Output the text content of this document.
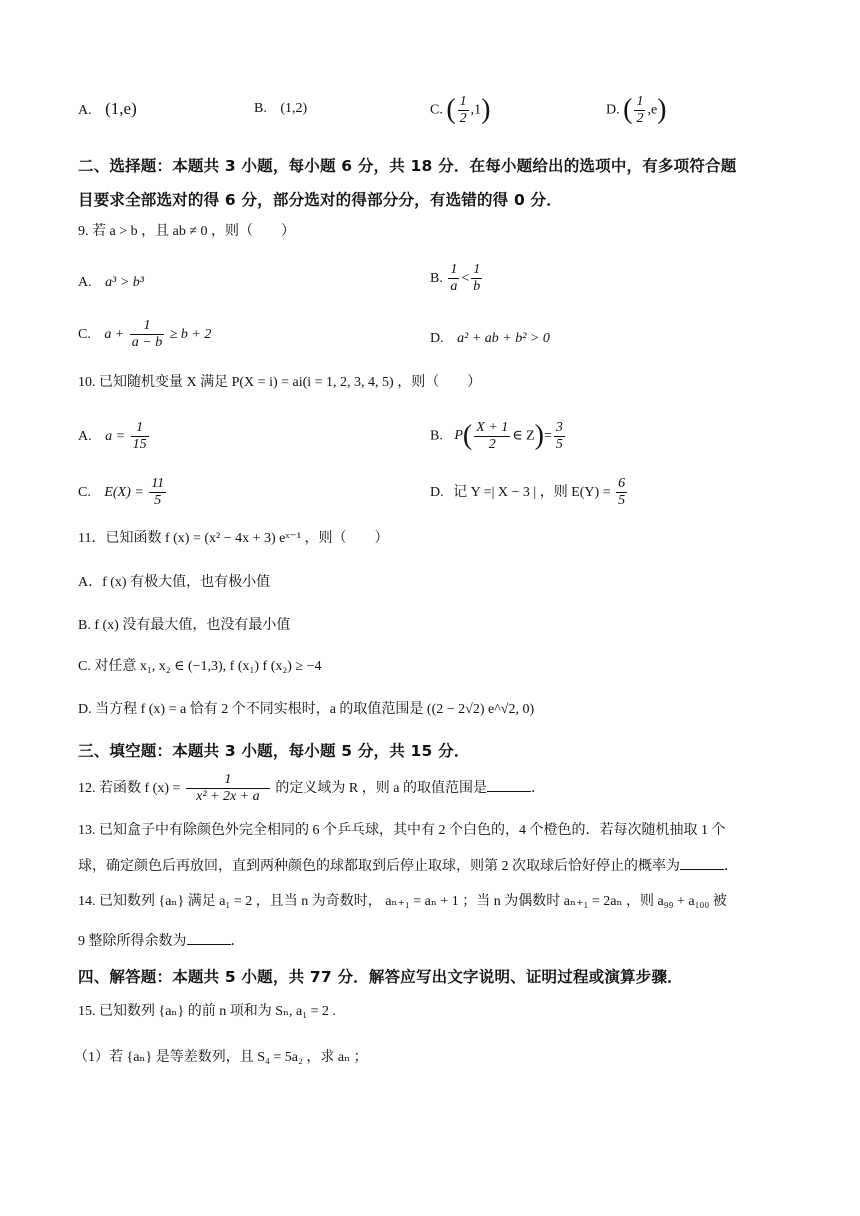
A. (1,e)	B. (1,2)	C. ( $\frac{1}{2} ,1$)	D. ( $\frac{1}{2} ,e$)
二、选择题：本题共 3 小题，每小题 6 分，共 18 分．在每小题给出的选项中，有多项符合题
目要求全部选对的得 6 分，部分选对的得部分分，有选错的得 0 分．
9. 若 a > b ，且 ab ≠ 0 ，则（　　）
A. a³ > b³	B. $\frac{1}{a} < \frac{1}{b}$
C. $a + \frac{1}{a - b} \ge b + 2$	D. a² + ab + b² > 0
10. 已知随机变量 X 满足 P(X = i) = ai(i = 1, 2, 3, 4, 5) ，则（　　）
A. $a = \frac{1}{15}$	B. $P( \frac{X + 1}{2}$ ∈ $Z)= \frac{3}{5}$
C. $E(X) = \frac{11}{5}$	D. 记 Y =| X − 3 | ，则 $E(Y) = \frac{6}{5}$
11．已知函数 f (x) = (x² − 4x + 3) eˣ⁻¹ ，则（　　）
A．f (x) 有极大值，也有极小值
B. f (x) 没有最大值，也没有最小值
C. 对任意 x₁, x₂ ∈ (−1,3), f (x₁) f (x₂) ≥ −4
D. 当方程 f (x) = a 恰有 2 个不同实根时，a 的取值范围是 ((2 − 2√2) e^√2, 0)
三、填空题：本题共 3 小题，每小题 5 分，共 15 分．
12. 若函数 f $(x) = \frac{1}{\text{x² + 2x + a}}$ 的定义域为 R ，则 a 的取值范围是	．
13. 已知盒子中有除颜色外完全相同的 6 个乒乓球，其中有 2 个白色的，4 个橙色的．若每次随机抽取 1 个
球，确定颜色后再放回，直到两种颜色的球都取到后停止取球，则第 2 次取球后恰好停止的概率为	．
14. 已知数列 {aₙ} 满足 a₁ = 2 ，且当 n 为奇数时， aₙ₊₁ = aₙ + 1 ；当 n 为偶数时 aₙ₊₁ = 2aₙ ，则 a₉₉ + a₁₀₀ 被
9 整除所得余数为	．
四、解答题：本题共 5 小题，共 77 分．解答应写出文字说明、证明过程或演算步骤．
15. 已知数列 {aₙ} 的前 n 项和为 Sₙ, a₁ = 2 .
（1）若 {aₙ} 是等差数列，且 S₄ = 5a₂ ，求 aₙ ；
